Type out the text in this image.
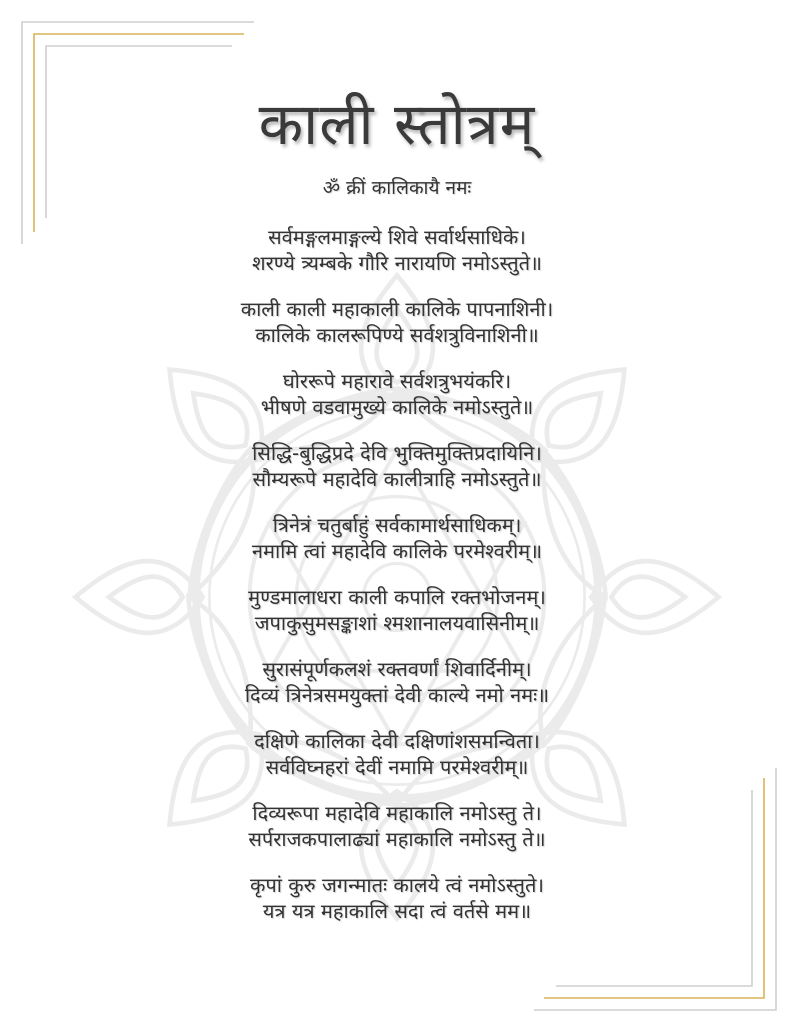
काली स्तोत्रम्
ॐ क्रीं कालिकायै नमः
सर्वमङ्गलमाङ्गल्ये शिवे सर्वार्थसाधिके।
शरण्ये त्र्यम्बके गौरि नारायणि नमोऽस्तुते॥
काली काली महाकाली कालिके पापनाशिनी।
कालिके कालरूपिण्ये सर्वशत्रुविनाशिनी॥
घोररूपे महारावे सर्वशत्रुभयंकरि।
भीषणे वडवामुख्ये कालिके नमोऽस्तुते॥
सिद्धि-बुद्धिप्रदे देवि भुक्तिमुक्तिप्रदायिनि।
सौम्यरूपे महादेवि कालीत्राहि नमोऽस्तुते॥
त्रिनेत्रं चतुर्बाहुं सर्वकामार्थसाधिकम्।
नमामि त्वां महादेवि कालिके परमेश्वरीम्॥
मुण्डमालाधरा काली कपालि रक्तभोजनम्।
जपाकुसुमसङ्काशां श्मशानालयवासिनीम्॥
सुरासंपूर्णकलशं रक्तवर्णां शिवार्दिनीम्।
दिव्यं त्रिनेत्रसमयुक्तां देवी काल्ये नमो नमः॥
दक्षिणे कालिका देवी दक्षिणांशसमन्विता।
सर्वविघ्नहरां देवीं नमामि परमेश्वरीम्॥
दिव्यरूपा महादेवि महाकालि नमोऽस्तु ते।
सर्पराजकपालाढ्यां महाकालि नमोऽस्तु ते॥
कृपां कुरु जगन्मातः कालये त्वं नमोऽस्तुते।
यत्र यत्र महाकालि सदा त्वं वर्तसे मम॥
